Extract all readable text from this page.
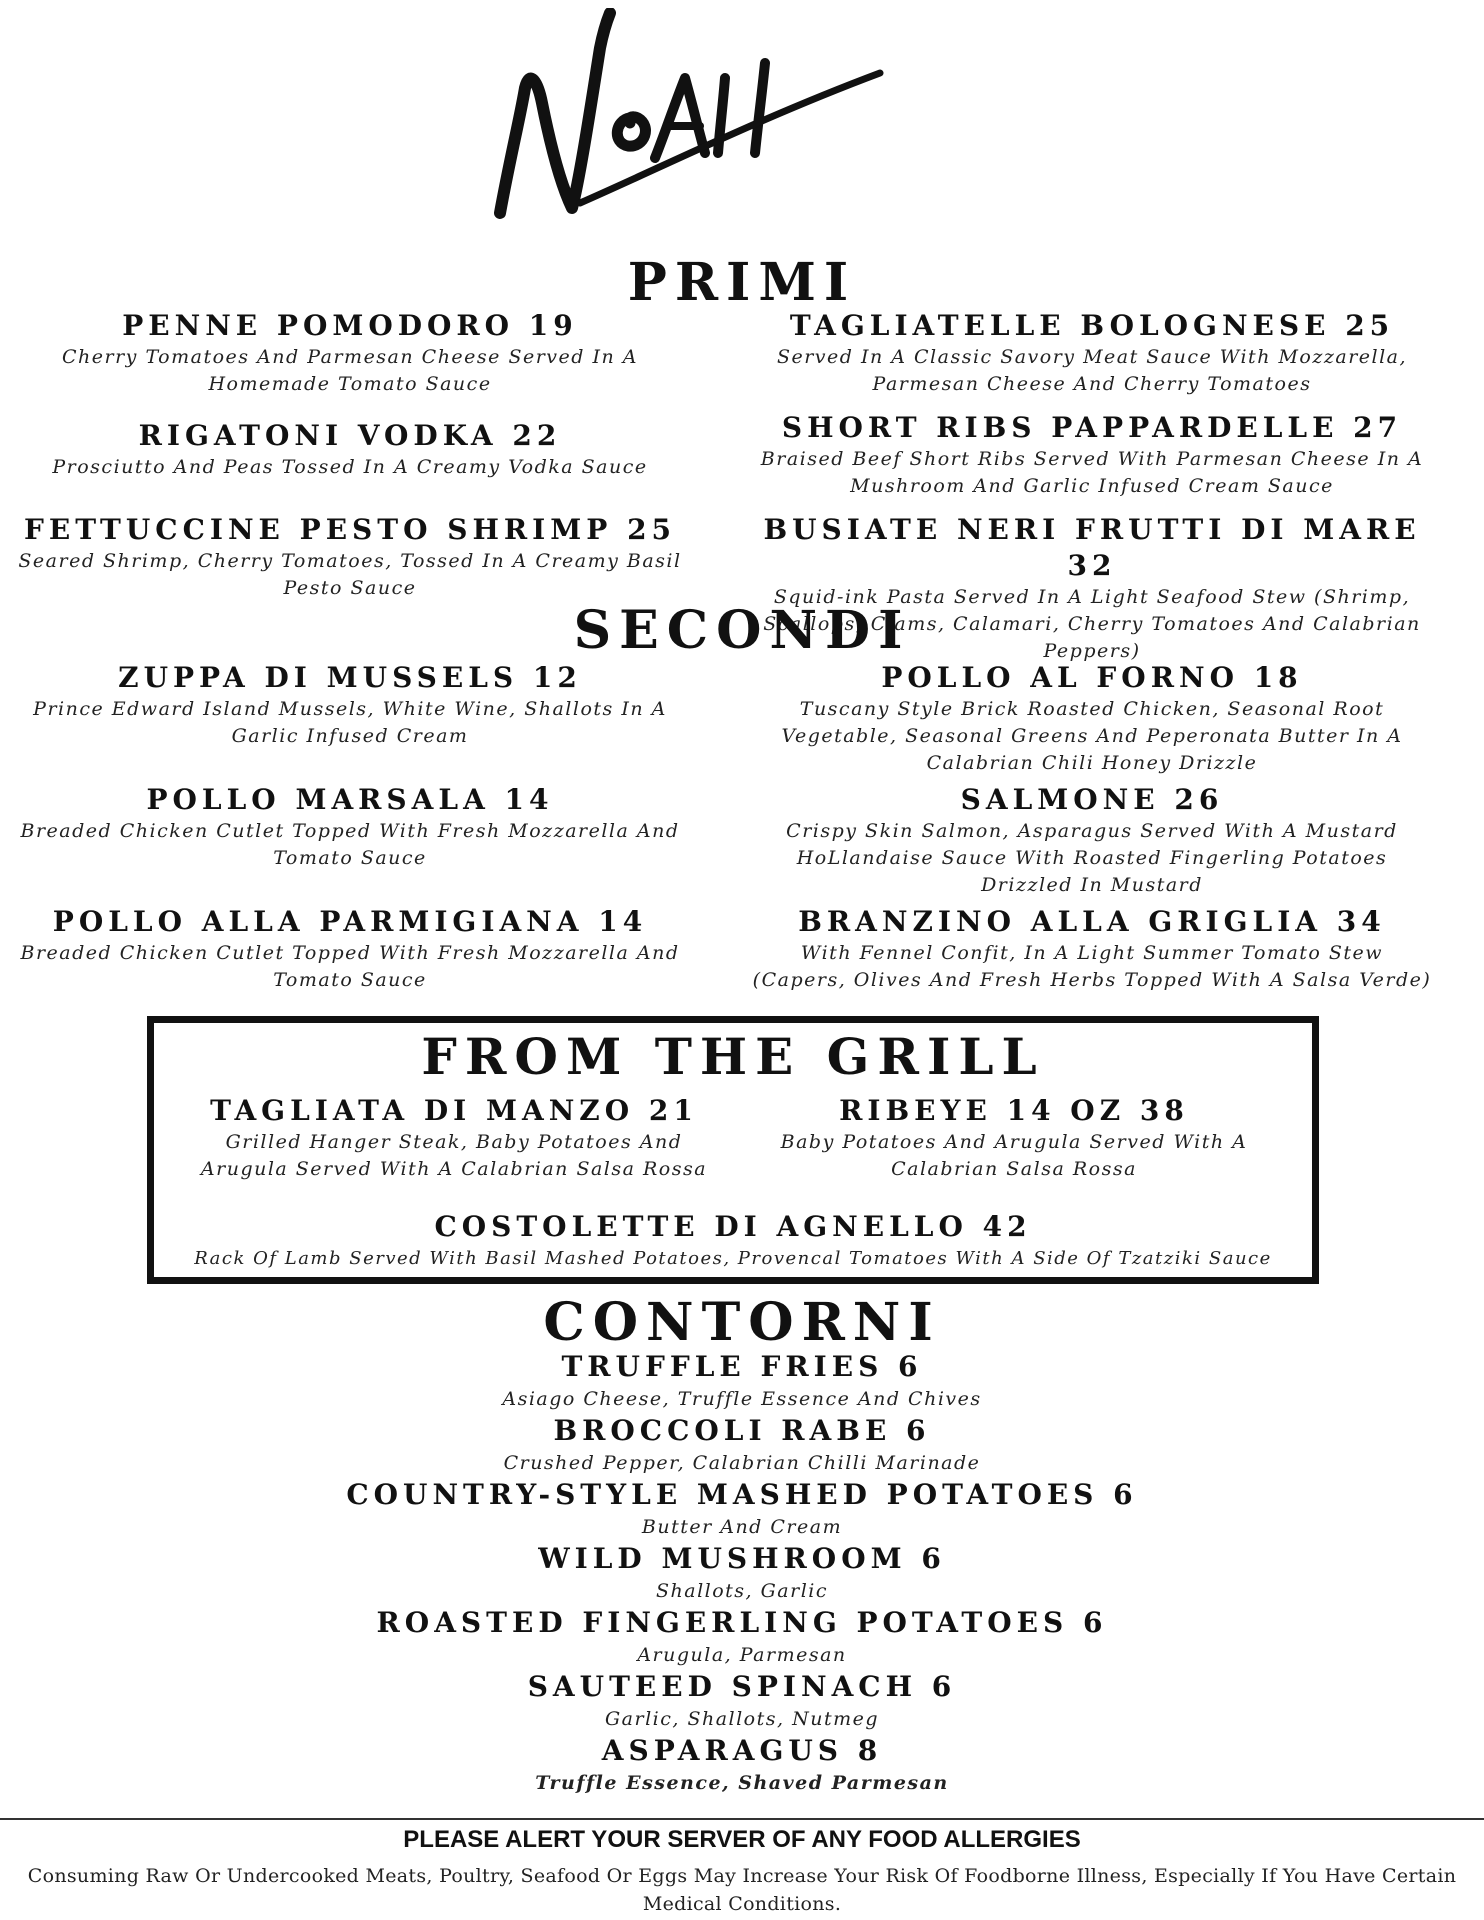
PRIMI
PENNE POMODORO 19
Cherry Tomatoes And Parmesan Cheese Served In A Homemade Tomato Sauce
RIGATONI VODKA 22
Prosciutto And Peas Tossed In A Creamy Vodka Sauce
FETTUCCINE PESTO SHRIMP 25
Seared Shrimp, Cherry Tomatoes, Tossed In A Creamy Basil Pesto Sauce
TAGLIATELLE BOLOGNESE 25
Served In A Classic Savory Meat Sauce With Mozzarella, Parmesan Cheese And Cherry Tomatoes
SHORT RIBS PAPPARDELLE 27
Braised Beef Short Ribs Served With Parmesan Cheese In A Mushroom And Garlic Infused Cream Sauce
BUSIATE NERI FRUTTI DI MARE 32
Squid-ink Pasta Served In A Light Seafood Stew (Shrimp, Scallops, Clams, Calamari, Cherry Tomatoes And Calabrian Peppers)
SECONDI
ZUPPA DI MUSSELS 12
Prince Edward Island Mussels, White Wine, Shallots In A Garlic Infused Cream
POLLO MARSALA 14
Breaded Chicken Cutlet Topped With Fresh Mozzarella And Tomato Sauce
POLLO ALLA PARMIGIANA 14
Breaded Chicken Cutlet Topped With Fresh Mozzarella And Tomato Sauce
POLLO AL FORNO 18
Tuscany Style Brick Roasted Chicken, Seasonal Root Vegetable, Seasonal Greens And Peperonata Butter In A Calabrian Chili Honey Drizzle
SALMONE 26
Crispy Skin Salmon, Asparagus Served With A Mustard HoLlandaise Sauce With Roasted Fingerling Potatoes Drizzled In Mustard
BRANZINO ALLA GRIGLIA 34
With Fennel Confit, In A Light Summer Tomato Stew (Capers, Olives And Fresh Herbs Topped With A Salsa Verde)
FROM THE GRILL
TAGLIATA DI MANZO 21
Grilled Hanger Steak, Baby Potatoes And Arugula Served With A Calabrian Salsa Rossa
RIBEYE 14 OZ 38
Baby Potatoes And Arugula Served With A Calabrian Salsa Rossa
COSTOLETTE DI AGNELLO 42
Rack Of Lamb Served With Basil Mashed Potatoes, Provencal Tomatoes With A Side Of Tzatziki Sauce
CONTORNI
TRUFFLE FRIES 6
Asiago Cheese, Truffle Essence And Chives
BROCCOLI RABE 6
Crushed Pepper, Calabrian Chilli Marinade
COUNTRY-STYLE MASHED POTATOES 6
Butter And Cream
WILD MUSHROOM 6
Shallots, Garlic
ROASTED FINGERLING POTATOES 6
Arugula, Parmesan
SAUTEED SPINACH 6
Garlic, Shallots, Nutmeg
ASPARAGUS 8
Truffle Essence, Shaved Parmesan
PLEASE ALERT YOUR SERVER OF ANY FOOD ALLERGIES
Consuming Raw Or Undercooked Meats, Poultry, Seafood Or Eggs May Increase Your Risk Of Foodborne Illness, Especially If You Have Certain Medical Conditions.
